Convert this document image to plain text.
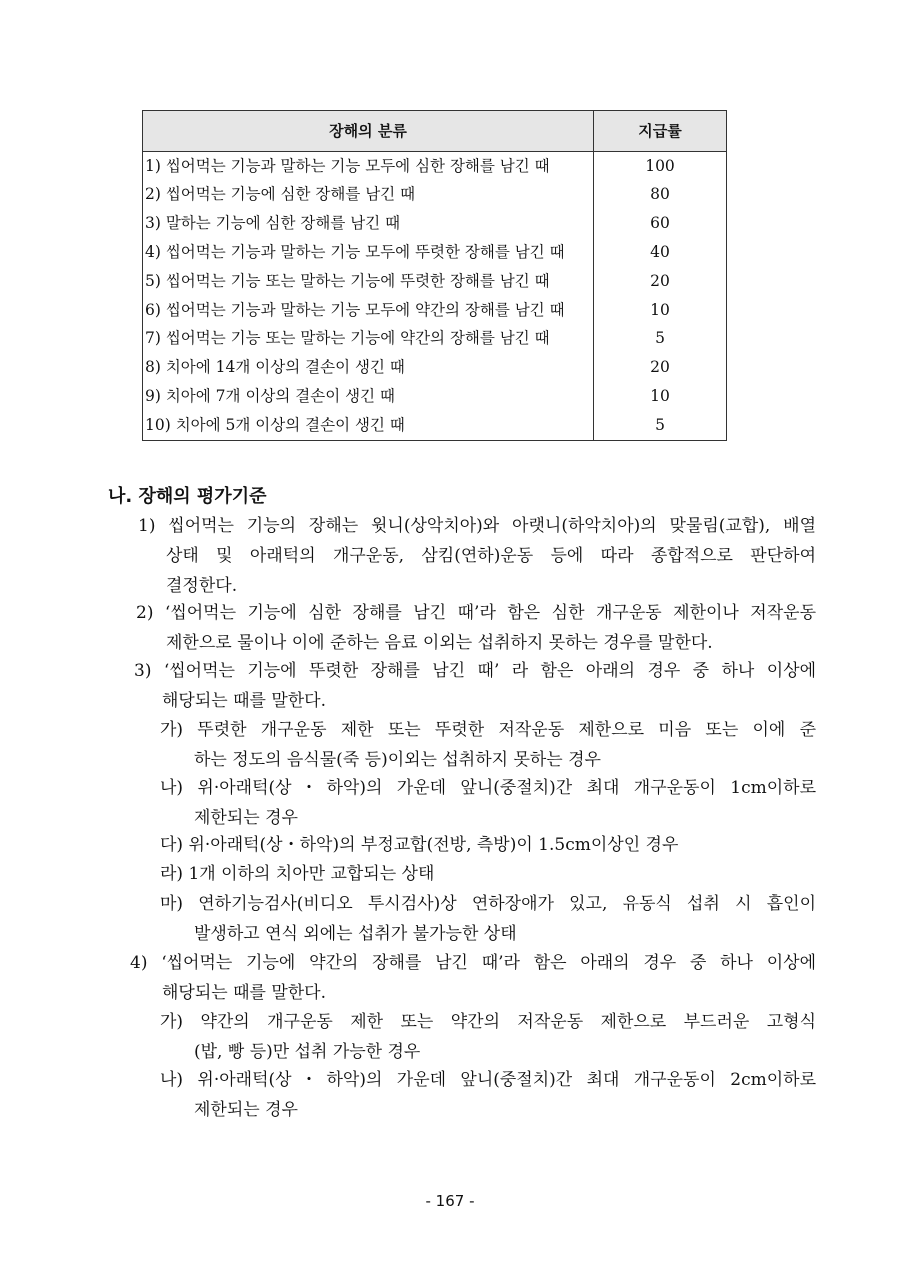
장해의 분류	지급률
1) 씹어먹는 기능과 말하는 기능 모두에 심한 장해를 남긴 때	100
2) 씹어먹는 기능에 심한 장해를 남긴 때	80
3) 말하는 기능에 심한 장해를 남긴 때	60
4) 씹어먹는 기능과 말하는 기능 모두에 뚜렷한 장해를 남긴 때	40
5) 씹어먹는 기능 또는 말하는 기능에 뚜렷한 장해를 남긴 때	20
6) 씹어먹는 기능과 말하는 기능 모두에 약간의 장해를 남긴 때	10
7) 씹어먹는 기능 또는 말하는 기능에 약간의 장해를 남긴 때	5
8) 치아에 14개 이상의 결손이 생긴 때	20
9) 치아에 7개 이상의 결손이 생긴 때	10
10) 치아에 5개 이상의 결손이 생긴 때	5
나. 장해의 평가기준
1) 씹어먹는 기능의 장해는 윗니(상악치아)와 아랫니(하악치아)의 맞물림(교합), 배열
상태 및 아래턱의 개구운동, 삼킴(연하)운동 등에 따라 종합적으로 판단하여
결정한다.
2) ‘씹어먹는 기능에 심한 장해를 남긴 때’라 함은 심한 개구운동 제한이나 저작운동
제한으로 물이나 이에 준하는 음료 이외는 섭취하지 못하는 경우를 말한다.
3) ‘씹어먹는 기능에 뚜렷한 장해를 남긴 때’ 라 함은 아래의 경우 중 하나 이상에
해당되는 때를 말한다.
가) 뚜렷한 개구운동 제한 또는 뚜렷한 저작운동 제한으로 미음 또는 이에 준
하는 정도의 음식물(죽 등)이외는 섭취하지 못하는 경우
나) 위·아래턱(상・하악)의 가운데 앞니(중절치)간 최대 개구운동이 1cm이하로
제한되는 경우
다) 위·아래턱(상・하악)의 부정교합(전방, 측방)이 1.5cm이상인 경우
라) 1개 이하의 치아만 교합되는 상태
마) 연하기능검사(비디오 투시검사)상 연하장애가 있고, 유동식 섭취 시 흡인이
발생하고 연식 외에는 섭취가 불가능한 상태
4) ‘씹어먹는 기능에 약간의 장해를 남긴 때’라 함은 아래의 경우 중 하나 이상에
해당되는 때를 말한다.
가) 약간의 개구운동 제한 또는 약간의 저작운동 제한으로 부드러운 고형식
(밥, 빵 등)만 섭취 가능한 경우
나) 위·아래턱(상・하악)의 가운데 앞니(중절치)간 최대 개구운동이 2cm이하로
제한되는 경우
- 167 -
